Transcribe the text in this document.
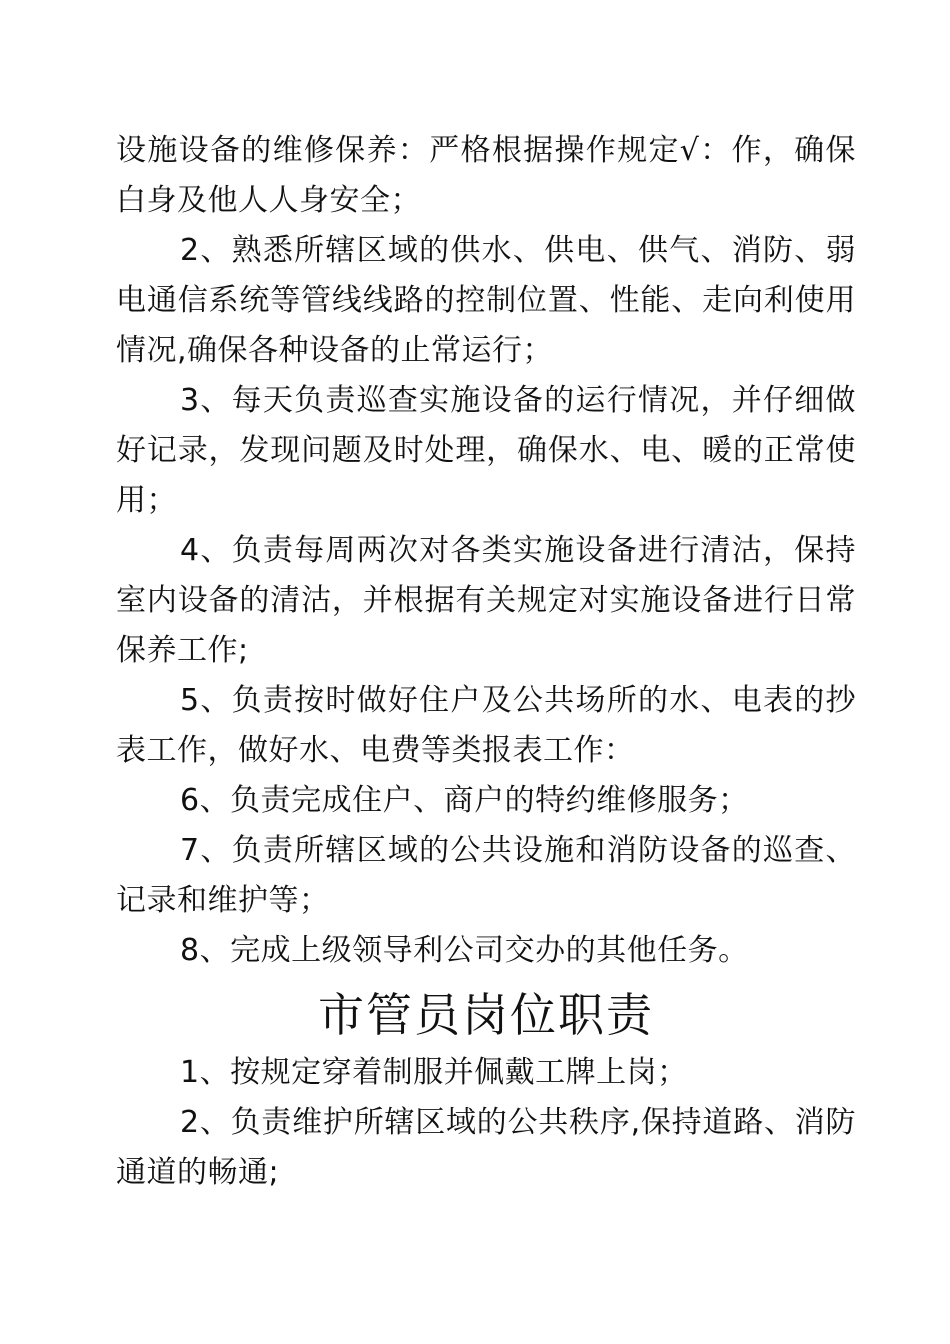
设施设备的维修保养：严格根据操作规定√：作，确保白身及他人人身安全；

2、熟悉所辖区域的供水、供电、供气、消防、弱电通信系统等管线线路的控制位置、性能、走向利使用情况,确保各种设备的止常运行；

3、每天负责巡查实施设备的运行情况，并仔细做好记录，发现问题及时处理，确保水、电、暖的正常使用；

4、负责每周两次对各类实施设备进行清沽，保持室内设备的清沽，并根据有关规定对实施设备进行日常保养工作;

5、负责按时做好住户及公共场所的水、电表的抄表工作，做好水、电费等类报表工作：

6、负责完成住户、商户的特约维修服务；

7、负责所辖区域的公共设施和消防设备的巡查、记录和维护等；

8、完成上级领导利公司交办的其他任务。

市管员岗位职责

1、按规定穿着制服并佩戴工牌上岗；

2、负责维护所辖区域的公共秩序,保持道路、消防通道的畅通;
